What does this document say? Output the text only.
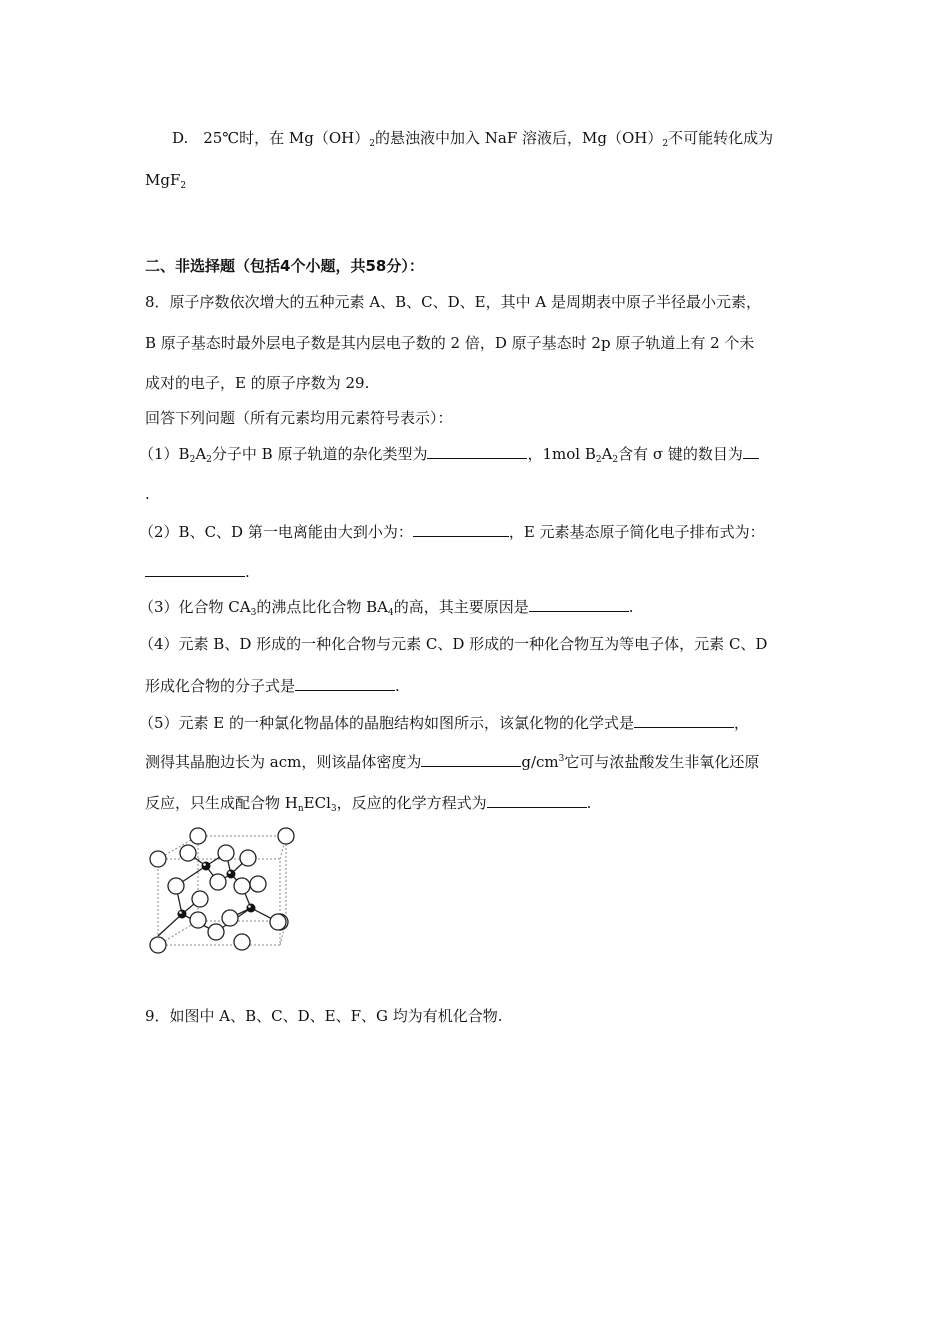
D.　25℃时，在 $Mg(OH)_2$的悬浊液中加入 NaF 溶液后，$Mg(OH)_2$不可能转化成为
MgF$_2$
二、非选择题（包括4个小题，共58分）：
8．原子序数依次增大的五种元素 A、B、C、D、E，其中 A 是周期表中原子半径最小元素，
B 原子基态时最外层电子数是其内层电子数的 2 倍，D 原子基态时 2p 原子轨道上有 2 个未
成对的电子，E 的原子序数为 29.
回答下列问题（所有元素均用元素符号表示）：
$(1)B_2A_2$分子中 B 原子轨道的杂化类型为	，1mol $B_2A_2$含有 σ 键的数目为
.
（2）B、C、D 第一电离能由大到小为：	，E 元素基态原子简化电子排布式为：
.
（3）化合物 $CA_3$的沸点比化合物 $BA_4$的高，其主要原因是	.
（4）元素 B、D 形成的一种化合物与元素 C、D 形成的一种化合物互为等电子体，元素 C、D
形成化合物的分子式是	.
（5）元素 E 的一种氯化物晶体的晶胞结构如图所示，该氯化物的化学式是	，
测得其晶胞边长为 acm，则该晶体密度为	$g/cm^3$它可与浓盐酸发生非氧化还原
反应，只生成配合物 $H_nECl_3$，反应的化学方程式为	.
9．如图中 A、B、C、D、E、F、G 均为有机化合物.
